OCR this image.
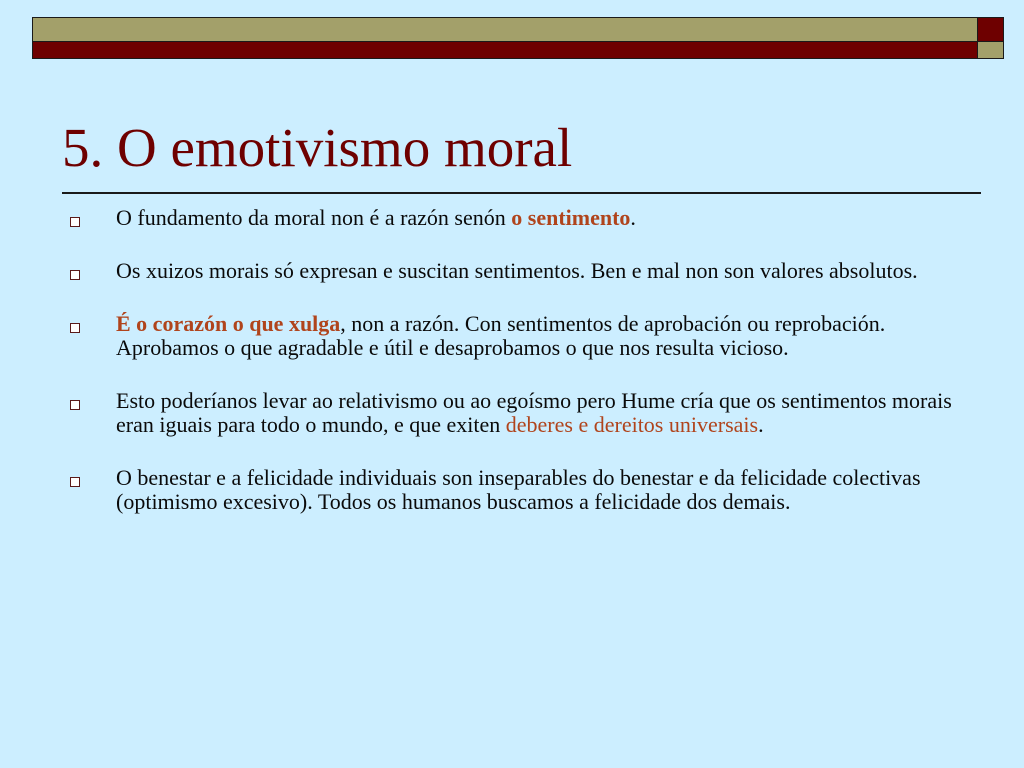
5. O emotivismo moral
O fundamento da moral non é a razón senón o sentimento.
Os xuizos morais só expresan e suscitan sentimentos. Ben e mal non son valores absolutos.
É o corazón o que xulga, non a razón. Con sentimentos de aprobación ou reprobación. Aprobamos o que agradable e útil e desaprobamos o que nos resulta vicioso.
Esto poderíanos levar ao relativismo ou ao egoísmo pero Hume cría que os sentimentos morais eran iguais para todo o mundo, e que exiten deberes e dereitos universais.
O benestar e a felicidade individuais son inseparables do benestar e da felicidade colectivas (optimismo excesivo). Todos os humanos buscamos a felicidade dos demais.
